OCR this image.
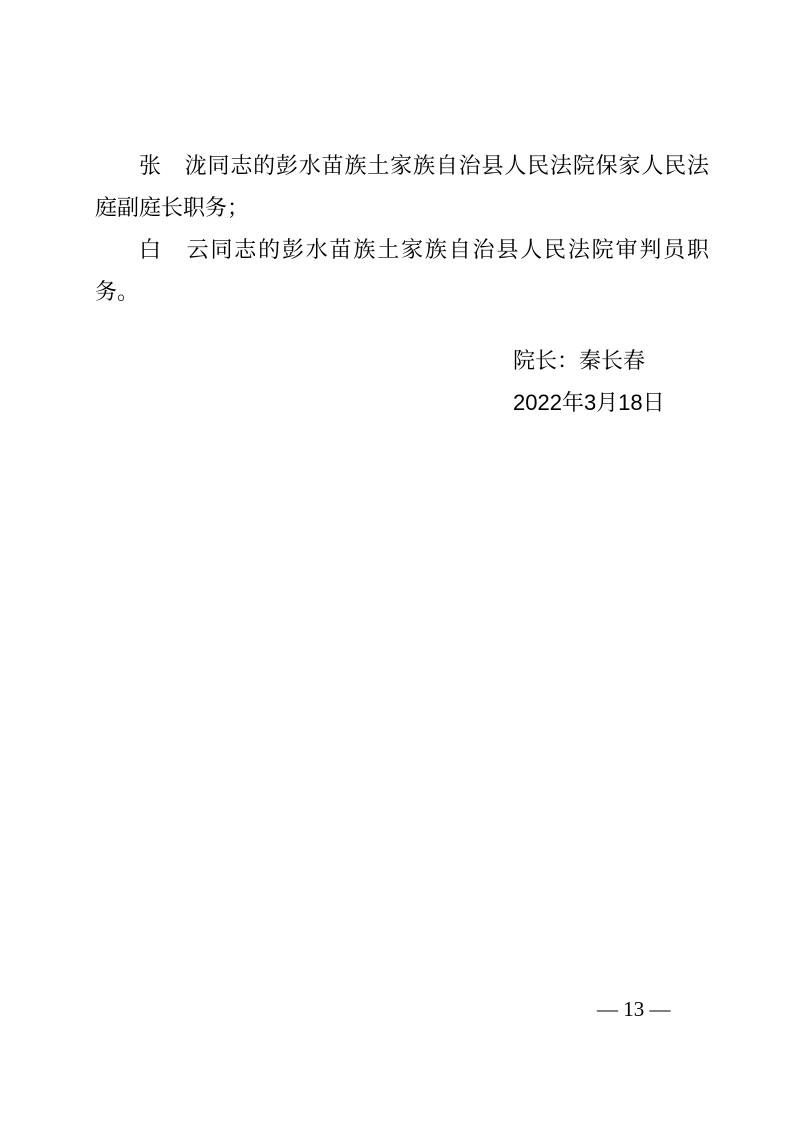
张　泷同志的彭水苗族土家族自治县人民法院保家人民法庭副庭长职务；

白　云同志的彭水苗族土家族自治县人民法院审判员职务。

院长：秦长春

2022年3月18日

— 13 —
